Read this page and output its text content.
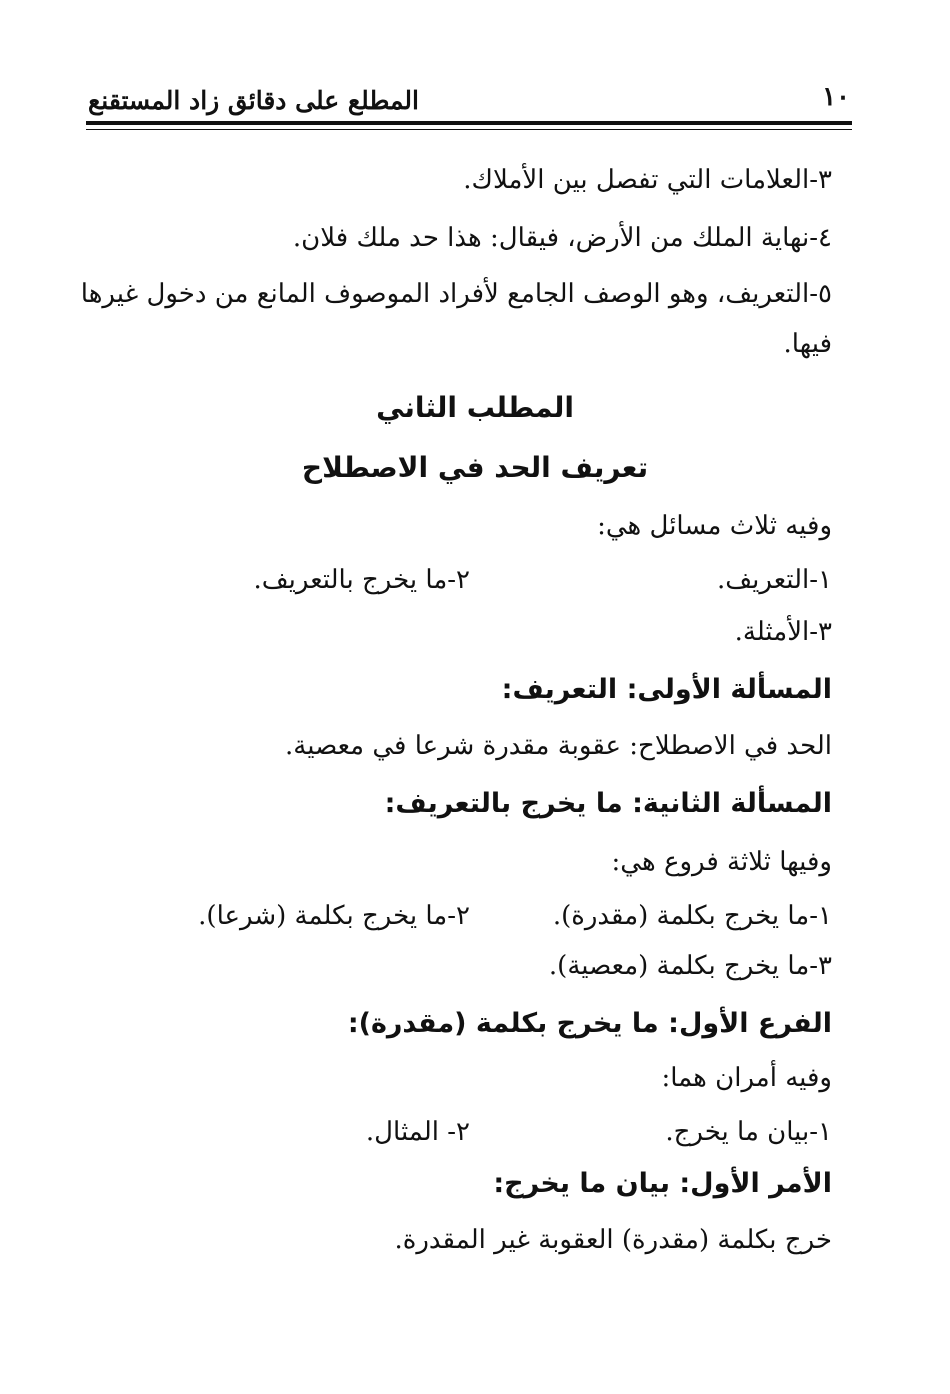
١٠
المطلع على دقائق زاد المستقنع
٣-العلامات التي تفصل بين الأملاك.
٤-نهاية الملك من الأرض، فيقال: هذا حد ملك فلان.
٥-التعريف، وهو الوصف الجامع لأفراد الموصوف المانع من دخول غيرها
فيها.
المطلب الثاني
تعريف الحد في الاصطلاح
وفيه ثلاث مسائل هي:
١-التعريف.
٢-ما يخرج بالتعريف.
٣-الأمثلة.
المسألة الأولى: التعريف:
الحد في الاصطلاح: عقوبة مقدرة شرعا في معصية.
المسألة الثانية: ما يخرج بالتعريف:
وفيها ثلاثة فروع هي:
١-ما يخرج بكلمة (مقدرة).
٢-ما يخرج بكلمة (شرعا).
٣-ما يخرج بكلمة (معصية).
الفرع الأول: ما يخرج بكلمة (مقدرة):
وفيه أمران هما:
١-بيان ما يخرج.
٢- المثال.
الأمر الأول: بيان ما يخرج:
خرج بكلمة (مقدرة) العقوبة غير المقدرة.
